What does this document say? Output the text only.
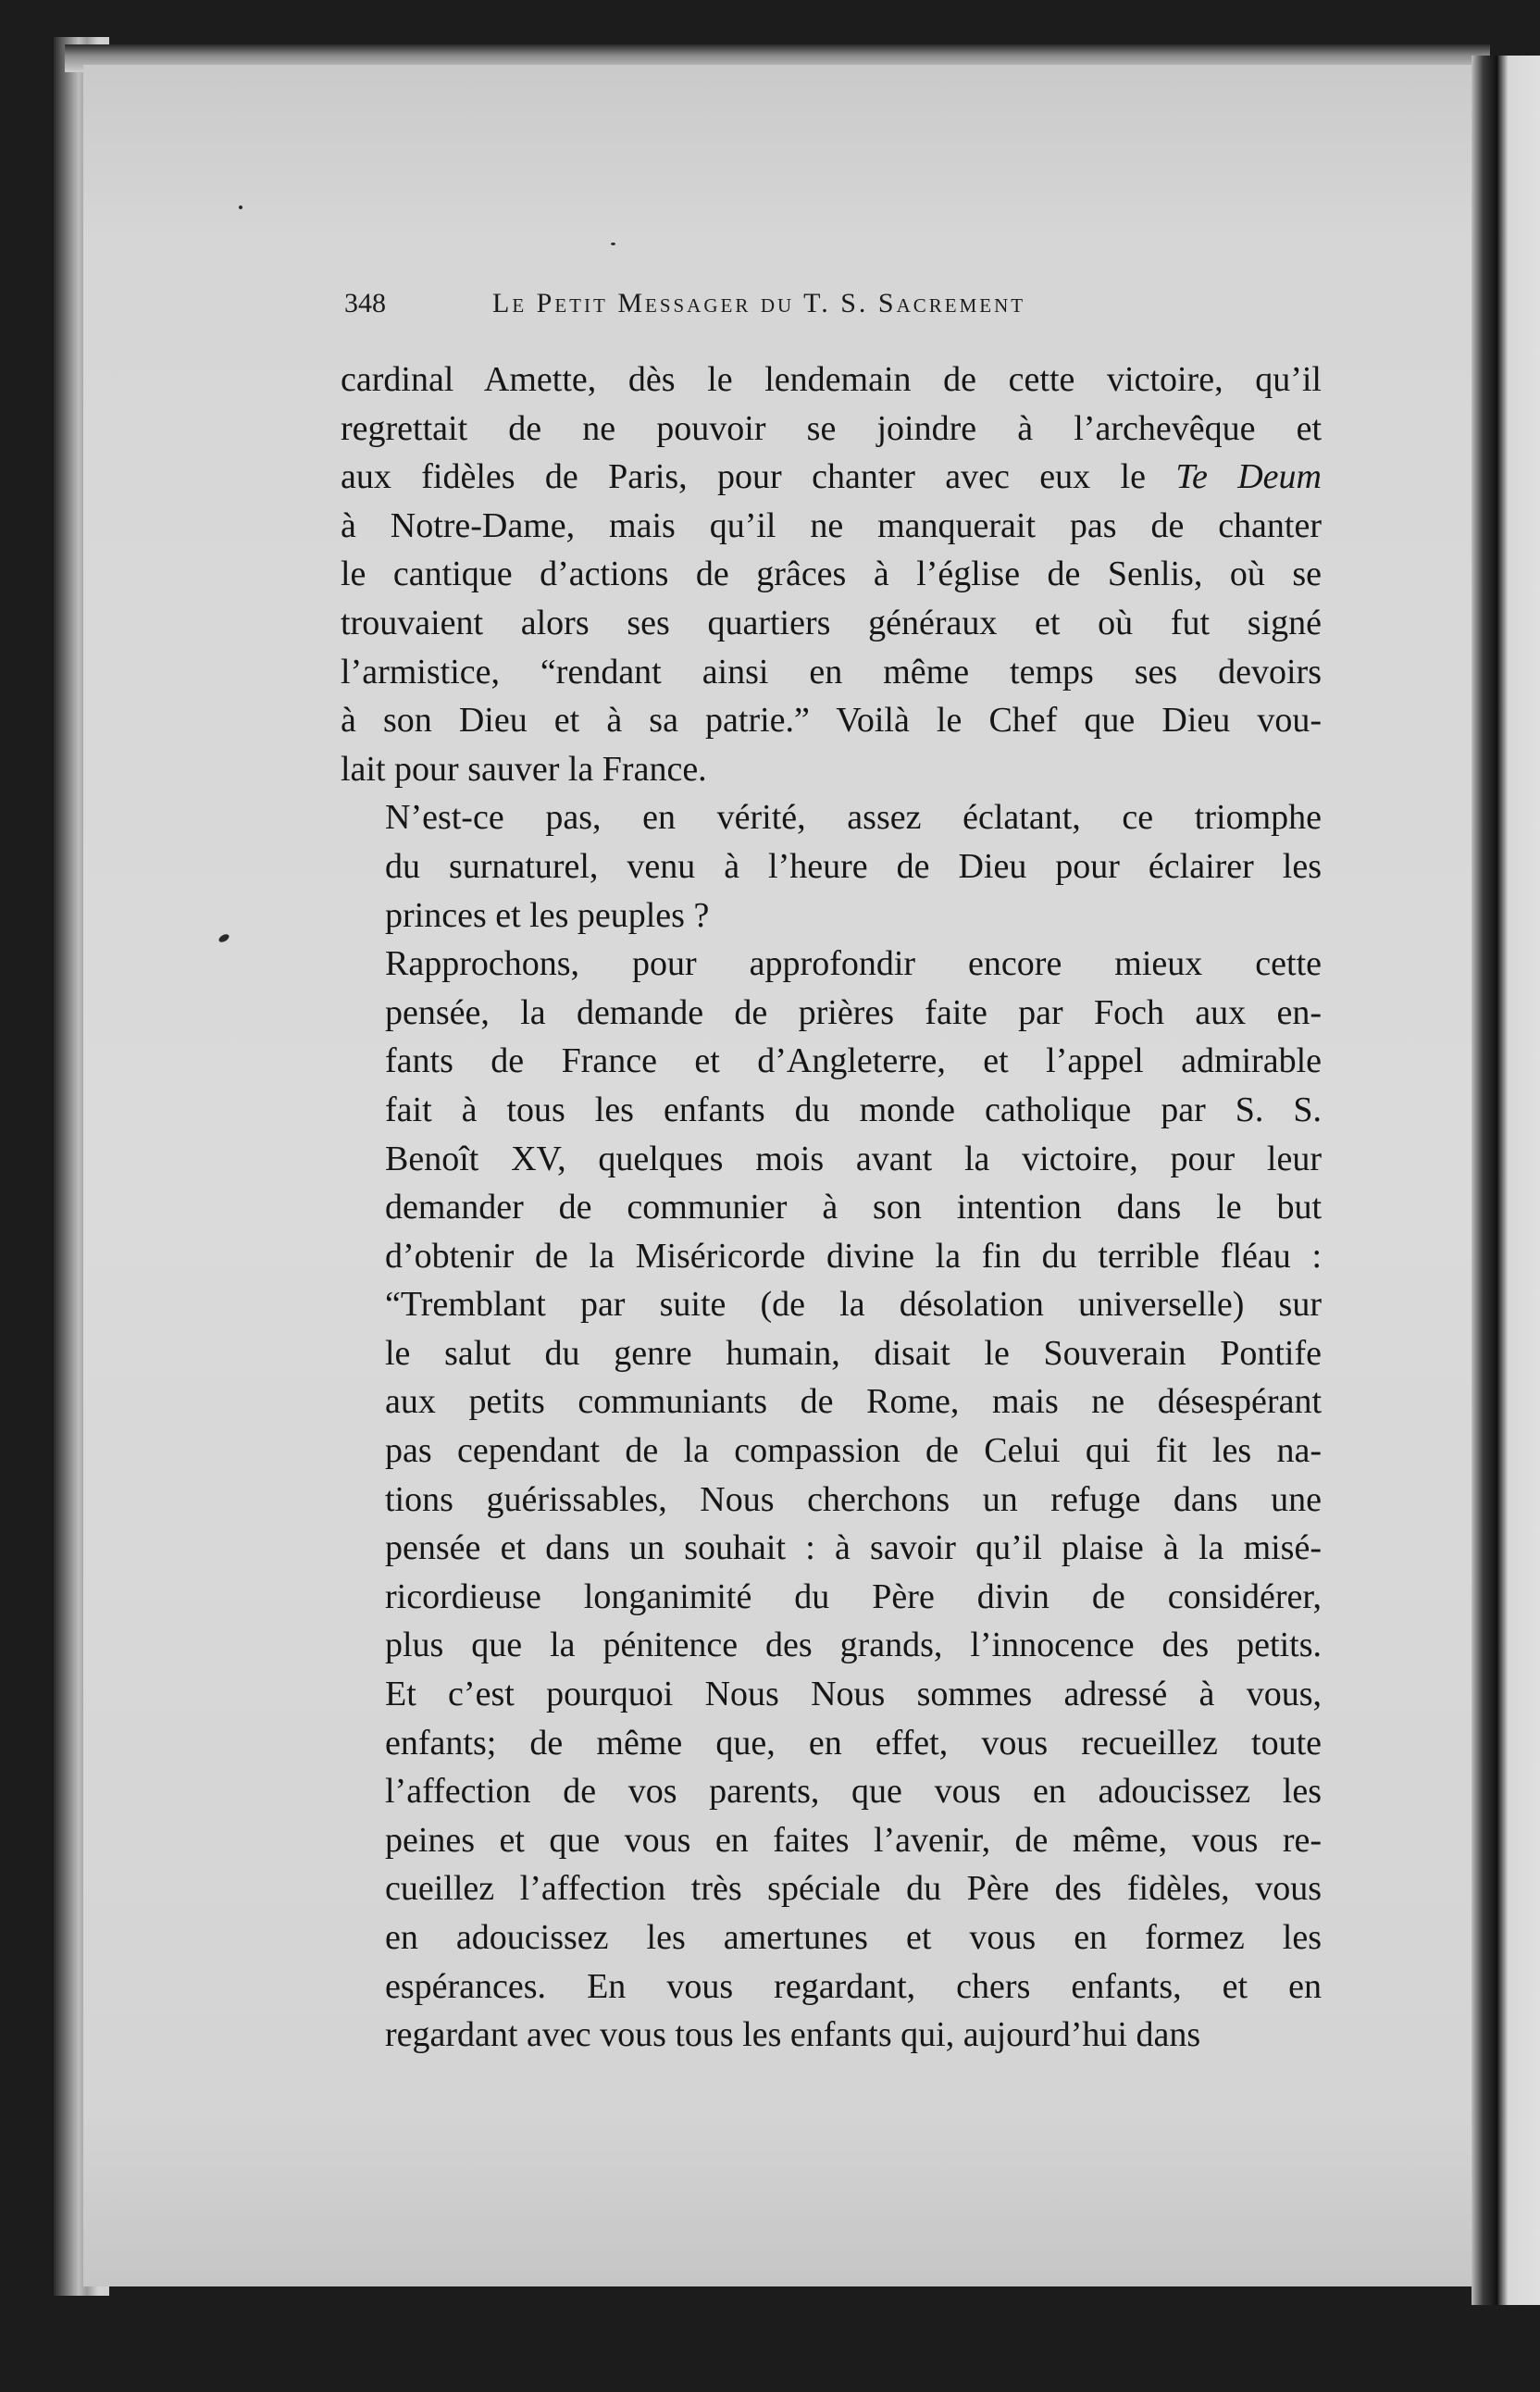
348	Le Petit Messager du T. S. Sacrement
cardinal Amette, dès le lendemain de cette victoire, qu’il
regrettait de ne pouvoir se joindre à l’archevêque et
aux fidèles de Paris, pour chanter avec eux le Te Deum
à Notre-Dame, mais qu’il ne manquerait pas de chanter
le cantique d’actions de grâces à l’église de Senlis, où se
trouvaient alors ses quartiers généraux et où fut signé
l’armistice, “rendant ainsi en même temps ses devoirs
à son Dieu et à sa patrie.” Voilà le Chef que Dieu vou-
lait pour sauver la France.
N’est-ce pas, en vérité, assez éclatant, ce triomphe
du surnaturel, venu à l’heure de Dieu pour éclairer les
princes et les peuples ?
Rapprochons, pour approfondir encore mieux cette
pensée, la demande de prières faite par Foch aux en-
fants de France et d’Angleterre, et l’appel admirable
fait à tous les enfants du monde catholique par S. S.
Benoît XV, quelques mois avant la victoire, pour leur
demander de communier à son intention dans le but
d’obtenir de la Miséricorde divine la fin du terrible fléau :
“Tremblant par suite (de la désolation universelle) sur
le salut du genre humain, disait le Souverain Pontife
aux petits communiants de Rome, mais ne désespérant
pas cependant de la compassion de Celui qui fit les na-
tions guérissables, Nous cherchons un refuge dans une
pensée et dans un souhait : à savoir qu’il plaise à la misé-
ricordieuse longanimité du Père divin de considérer,
plus que la pénitence des grands, l’innocence des petits.
Et c’est pourquoi Nous Nous sommes adressé à vous,
enfants; de même que, en effet, vous recueillez toute
l’affection de vos parents, que vous en adoucissez les
peines et que vous en faites l’avenir, de même, vous re-
cueillez l’affection très spéciale du Père des fidèles, vous
en adoucissez les amertunes et vous en formez les
espérances. En vous regardant, chers enfants, et en
regardant avec vous tous les enfants qui, aujourd’hui dans
